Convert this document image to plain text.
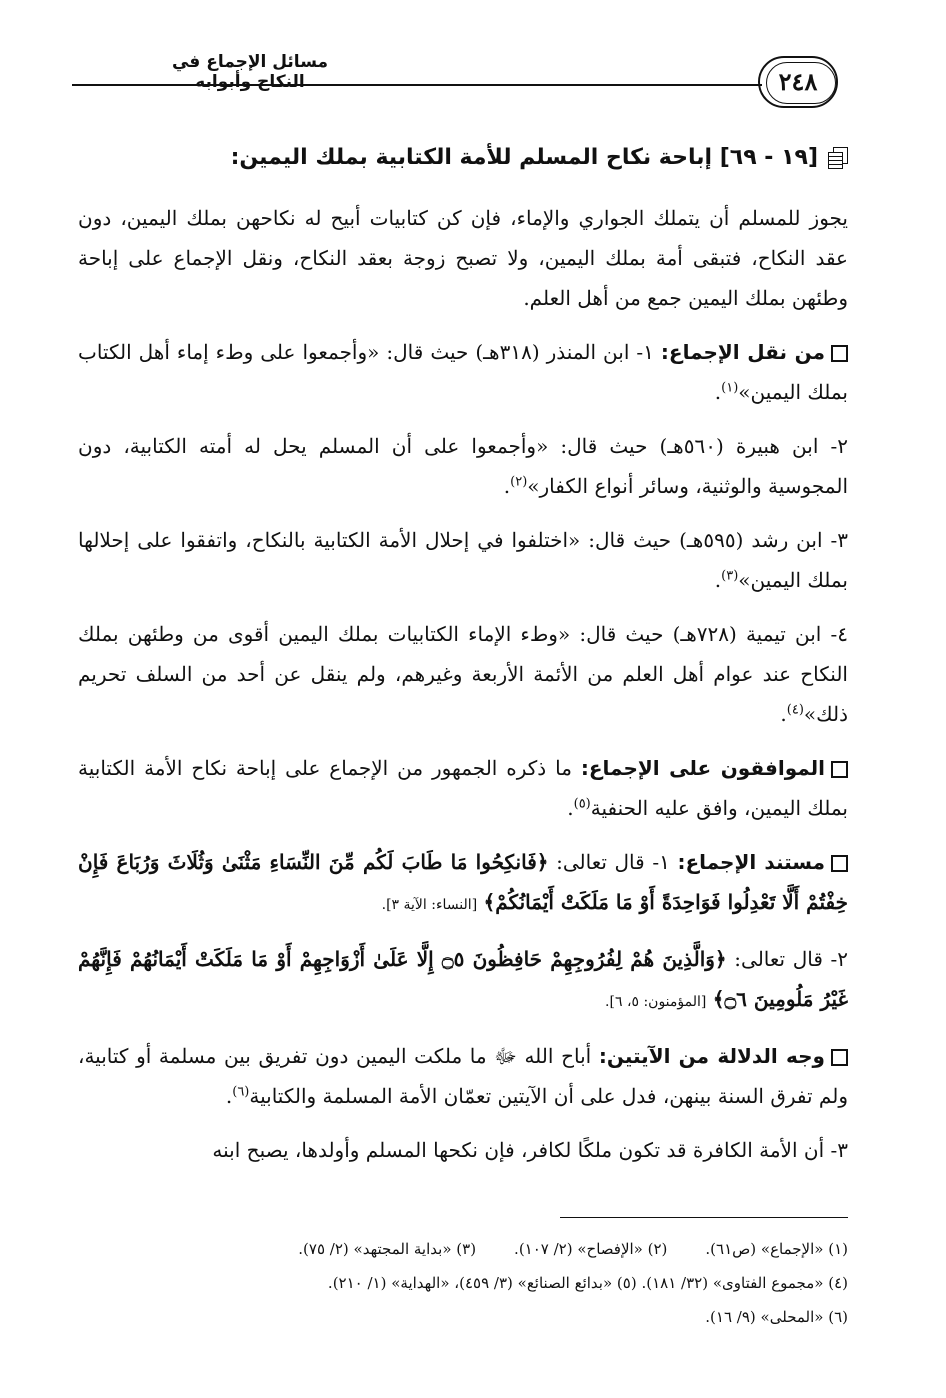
مسائل الإجماع في النكاح وأبوابه	٢٤٨
[١٩ - ٦٩] إباحة نكاح المسلم للأمة الكتابية بملك اليمين:

يجوز للمسلم أن يتملك الجواري والإماء، فإن كن كتابيات أبيح له نكاحهن بملك اليمين، دون عقد النكاح، فتبقى أمة بملك اليمين، ولا تصبح زوجة بعقد النكاح، ونقل الإجماع على إباحة وطئهن بملك اليمين جمع من أهل العلم.

من نقل الإجماع: ١- ابن المنذر (٣١٨هـ) حيث قال: «وأجمعوا على وطء إماء أهل الكتاب بملك اليمين»$^{(١)}$.

٢- ابن هبيرة (٥٦٠هـ) حيث قال: «وأجمعوا على أن المسلم يحل له أمته الكتابية، دون المجوسية والوثنية، وسائر أنواع الكفار»$^{(٢)}$.

٣- ابن رشد (٥٩٥هـ) حيث قال: «اختلفوا في إحلال الأمة الكتابية بالنكاح، واتفقوا على إحلالها بملك اليمين»$^{(٣)}$.

٤- ابن تيمية (٧٢٨هـ) حيث قال: «وطء الإماء الكتابيات بملك اليمين أقوى من وطئهن بملك النكاح عند عوام أهل العلم من الأئمة الأربعة وغيرهم، ولم ينقل عن أحد من السلف تحريم ذلك»$^{(٤)}$.

الموافقون على الإجماع: ما ذكره الجمهور من الإجماع على إباحة نكاح الأمة الكتابية بملك اليمين، وافق عليه الحنفية$^{(٥)}$.

مستند الإجماع: ١- قال تعالى: ﴿فَانكِحُوا مَا طَابَ لَكُم مِّنَ النِّسَاءِ مَثْنَىٰ وَثُلَاثَ وَرُبَاعَ فَإِنْ خِفْتُمْ أَلَّا تَعْدِلُوا فَوَاحِدَةً أَوْ مَا مَلَكَتْ أَيْمَانُكُمْ﴾ [النساء: الآية ٣].

٢- قال تعالى: ﴿وَالَّذِينَ هُمْ لِفُرُوجِهِمْ حَافِظُونَ ۝٥ إِلَّا عَلَىٰ أَزْوَاجِهِمْ أَوْ مَا مَلَكَتْ أَيْمَانُهُمْ فَإِنَّهُمْ غَيْرُ مَلُومِينَ ۝٦﴾ [المؤمنون: ٥، ٦].

وجه الدلالة من الآيتين: أباح الله ﷻ ما ملكت اليمين دون تفريق بين مسلمة أو كتابية، ولم تفرق السنة بينهن، فدل على أن الآيتين تعمّان الأمة المسلمة والكتابية$^{(٦)}$.

٣- أن الأمة الكافرة قد تكون ملكًا لكافر، فإن نكحها المسلم وأولدها، يصبح ابنه

(١) «الإجماع» (ص٦١).
(٢) «الإفصاح» (٢/ ١٠٧).
(٣) «بداية المجتهد» (٢/ ٧٥).
(٤) «مجموع الفتاوى» (٣٢/ ١٨١). (٥) «بدائع الصنائع» (٣/ ٤٥٩)، «الهداية» (١/ ٢١٠).
(٦) «المحلى» (٩/ ١٦).
